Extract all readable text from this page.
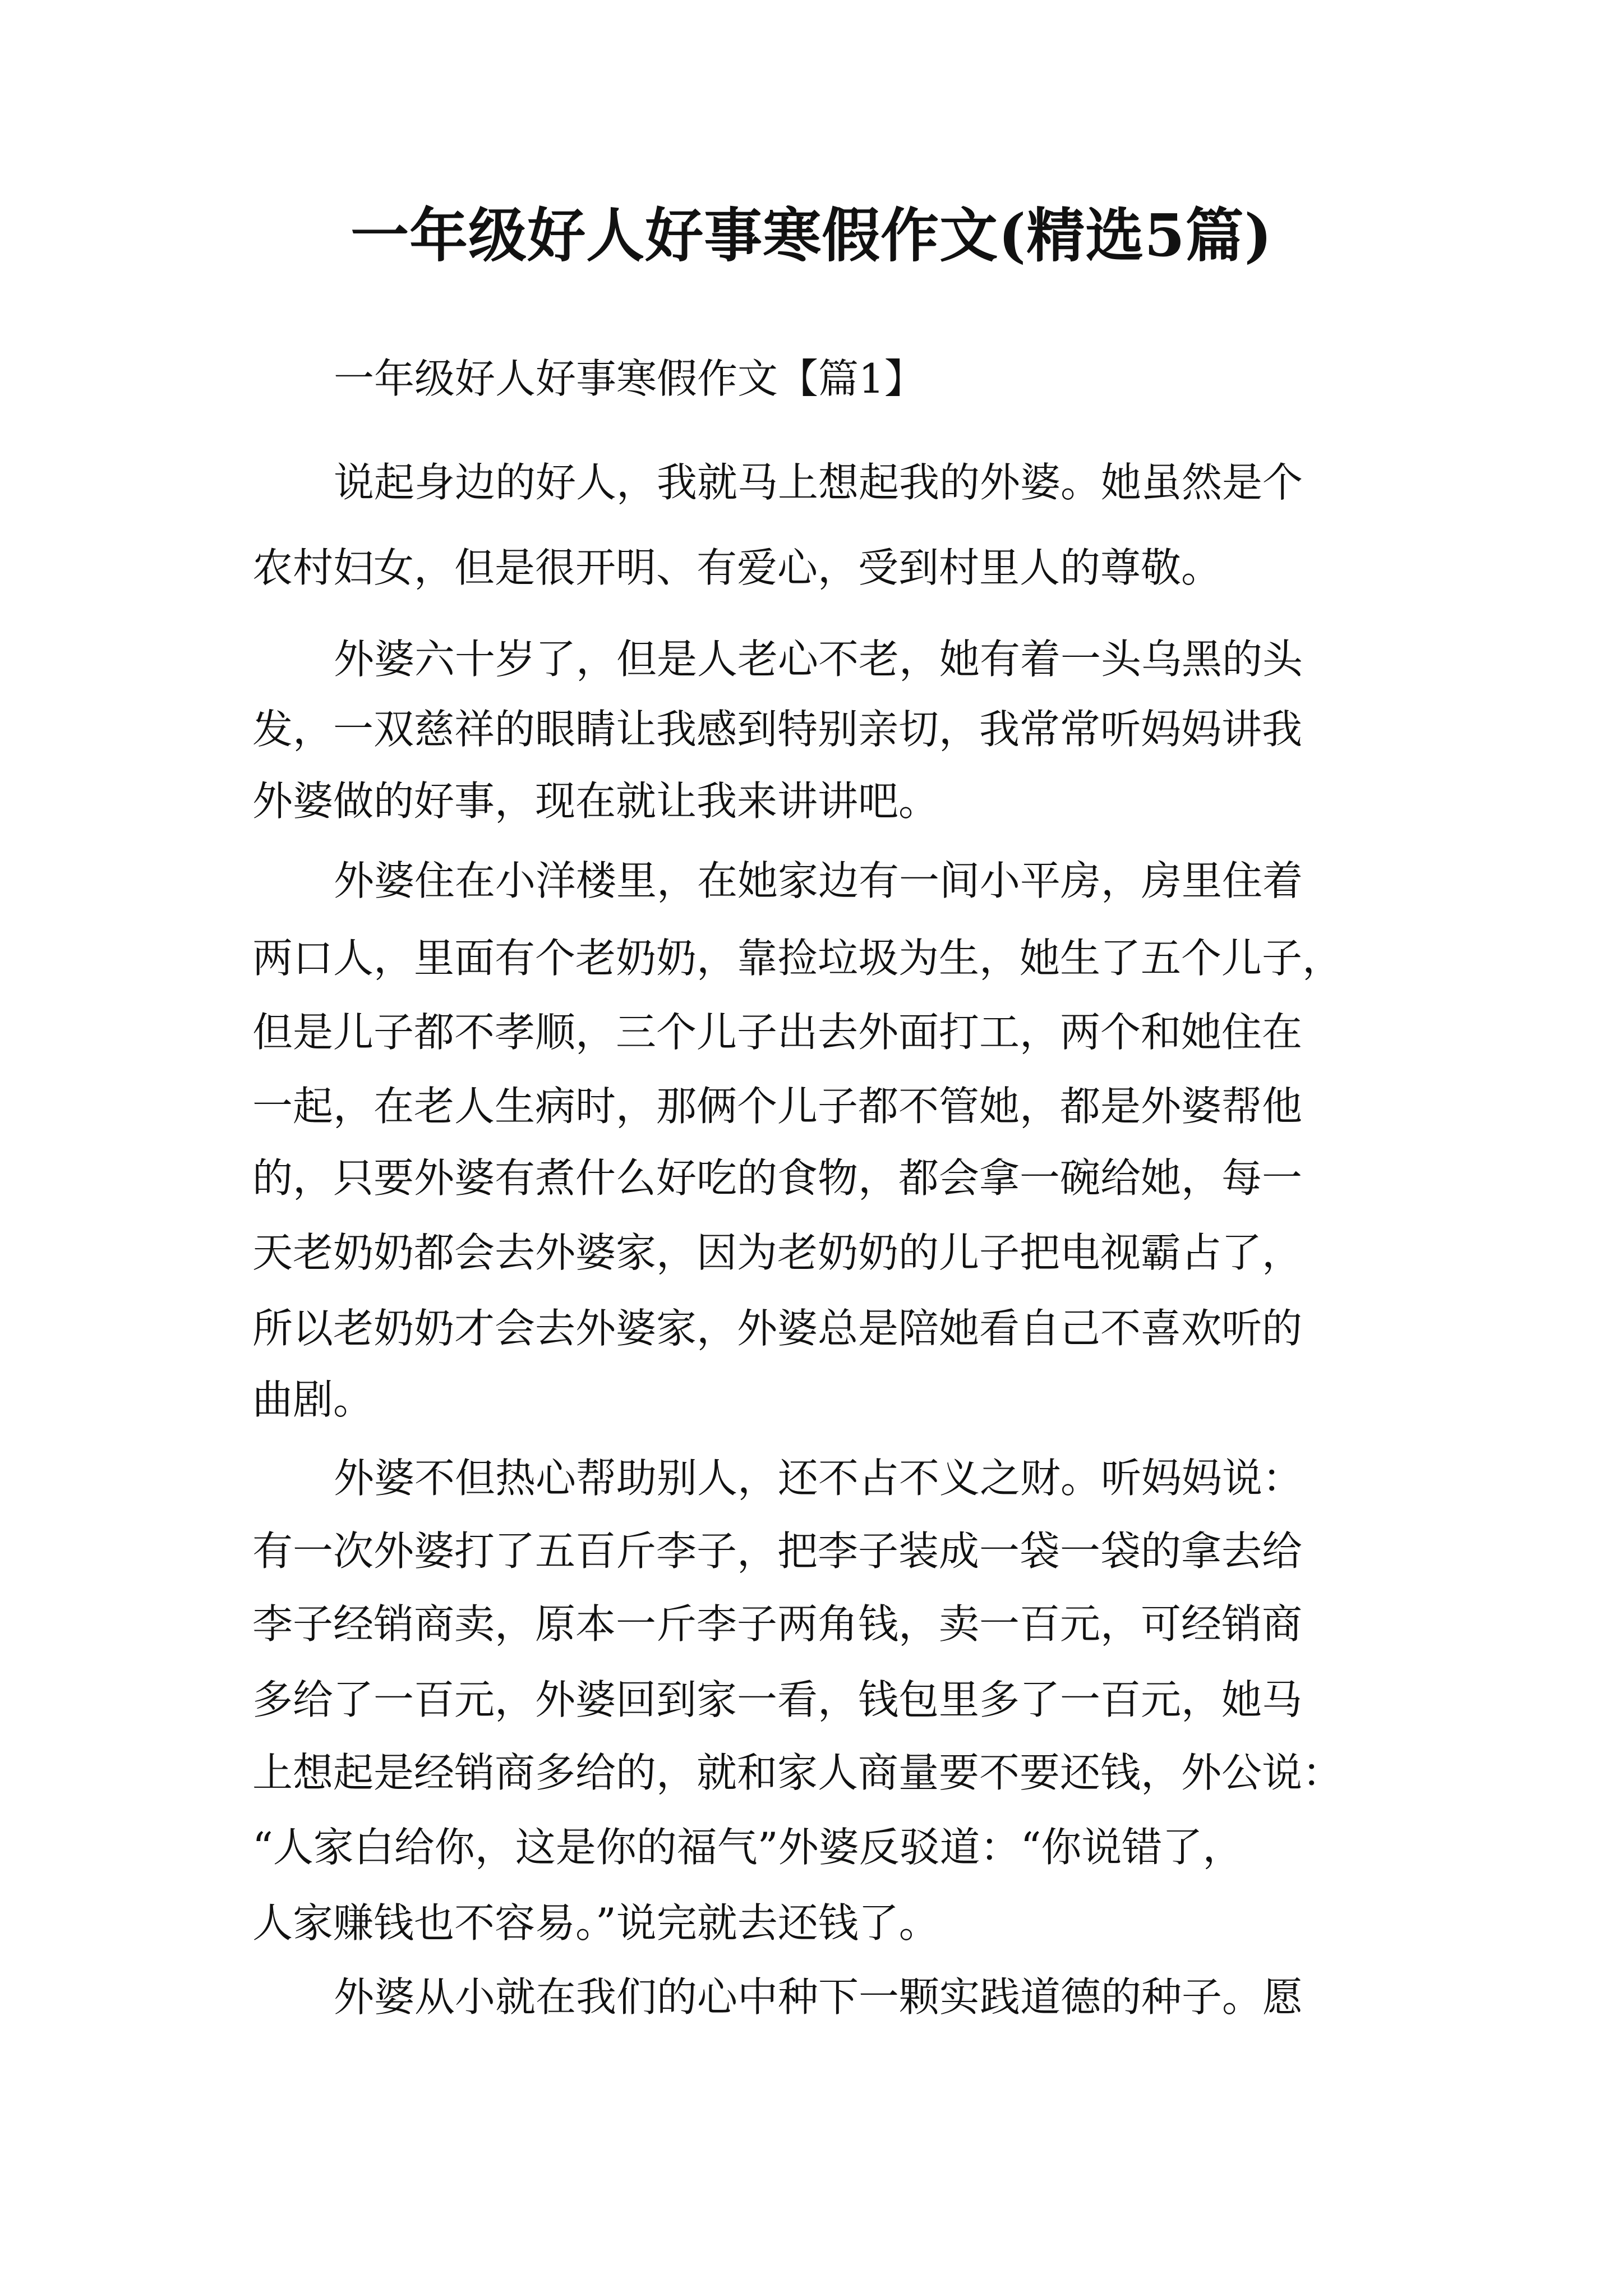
一年级好人好事寒假作文(精选5篇)

一年级好人好事寒假作文【篇1】

说起身边的好人，我就马上想起我的外婆。她虽然是个

农村妇女，但是很开明、有爱心，受到村里人的尊敬。

外婆六十岁了，但是人老心不老，她有着一头乌黑的头

发，一双慈祥的眼睛让我感到特别亲切，我常常听妈妈讲我

外婆做的好事，现在就让我来讲讲吧。

外婆住在小洋楼里，在她家边有一间小平房，房里住着

两口人，里面有个老奶奶，靠捡垃圾为生，她生了五个儿子，

但是儿子都不孝顺，三个儿子出去外面打工，两个和她住在

一起，在老人生病时，那俩个儿子都不管她，都是外婆帮他

的，只要外婆有煮什么好吃的食物，都会拿一碗给她，每一

天老奶奶都会去外婆家，因为老奶奶的儿子把电视霸占了，

所以老奶奶才会去外婆家，外婆总是陪她看自己不喜欢听的

曲剧。

外婆不但热心帮助别人，还不占不义之财。听妈妈说：

有一次外婆打了五百斤李子，把李子装成一袋一袋的拿去给

李子经销商卖，原本一斤李子两角钱，卖一百元，可经销商

多给了一百元，外婆回到家一看，钱包里多了一百元，她马

上想起是经销商多给的，就和家人商量要不要还钱，外公说：

“人家白给你，这是你的福气”外婆反驳道：“你说错了，

人家赚钱也不容易。”说完就去还钱了。

外婆从小就在我们的心中种下一颗实践道德的种子。愿
